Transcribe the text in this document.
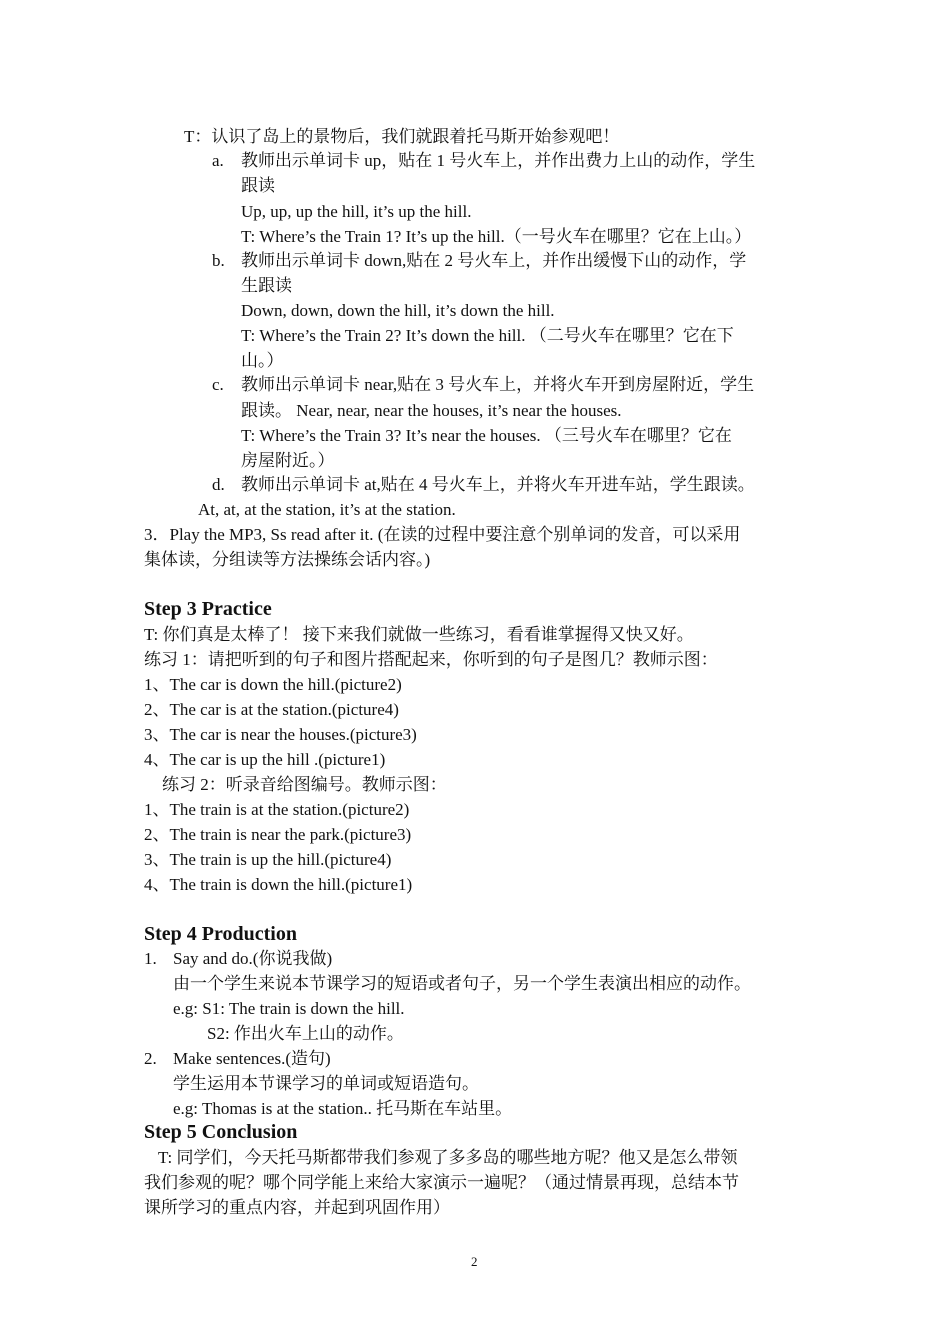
T：认识了岛上的景物后，我们就跟着托马斯开始参观吧！
a. 教师出示单词卡 up，贴在 1 号火车上，并作出费力上山的动作，学生
跟读
Up, up, up the hill, it’s up the hill.
T: Where’s the Train 1? It’s up the hill.（一号火车在哪里？它在上山。）
b. 教师出示单词卡 down,贴在 2 号火车上，并作出缓慢下山的动作，学
生跟读
Down, down, down the hill, it’s down the hill.
T: Where’s the Train 2? It’s down the hill. （二号火车在哪里？它在下
山。）
c. 教师出示单词卡 near,贴在 3 号火车上，并将火车开到房屋附近，学生
跟读。 Near, near, near the houses, it’s near the houses.
T: Where’s the Train 3? It’s near the houses. （三号火车在哪里？它在
房屋附近。）
d. 教师出示单词卡 at,贴在 4 号火车上，并将火车开进车站，学生跟读。
At, at, at the station, it’s at the station.
3．Play the MP3, Ss read after it. (在读的过程中要注意个别单词的发音，可以采用
集体读，分组读等方法操练会话内容。)
Step 3 Practice
T: 你们真是太棒了！ 接下来我们就做一些练习，看看谁掌握得又快又好。
练习 1：请把听到的句子和图片搭配起来，你听到的句子是图几？教师示图：
1、The car is down the hill.(picture2)
2、The car is at the station.(picture4)
3、The car is near the houses.(picture3)
4、The car is up the hill .(picture1)
练习 2：听录音给图编号。教师示图：
1、The train is at the station.(picture2)
2、The train is near the park.(picture3)
3、The train is up the hill.(picture4)
4、The train is down the hill.(picture1)
Step 4 Production
1. Say and do.(你说我做)
由一个学生来说本节课学习的短语或者句子，另一个学生表演出相应的动作。
e.g: S1: The train is down the hill.
S2: 作出火车上山的动作。
2. Make sentences.(造句)
学生运用本节课学习的单词或短语造句。
e.g: Thomas is at the station.. 托马斯在车站里。
Step 5 Conclusion
T: 同学们，今天托马斯都带我们参观了多多岛的哪些地方呢？他又是怎么带领
我们参观的呢？哪个同学能上来给大家演示一遍呢？（通过情景再现，总结本节
课所学习的重点内容，并起到巩固作用）
2
